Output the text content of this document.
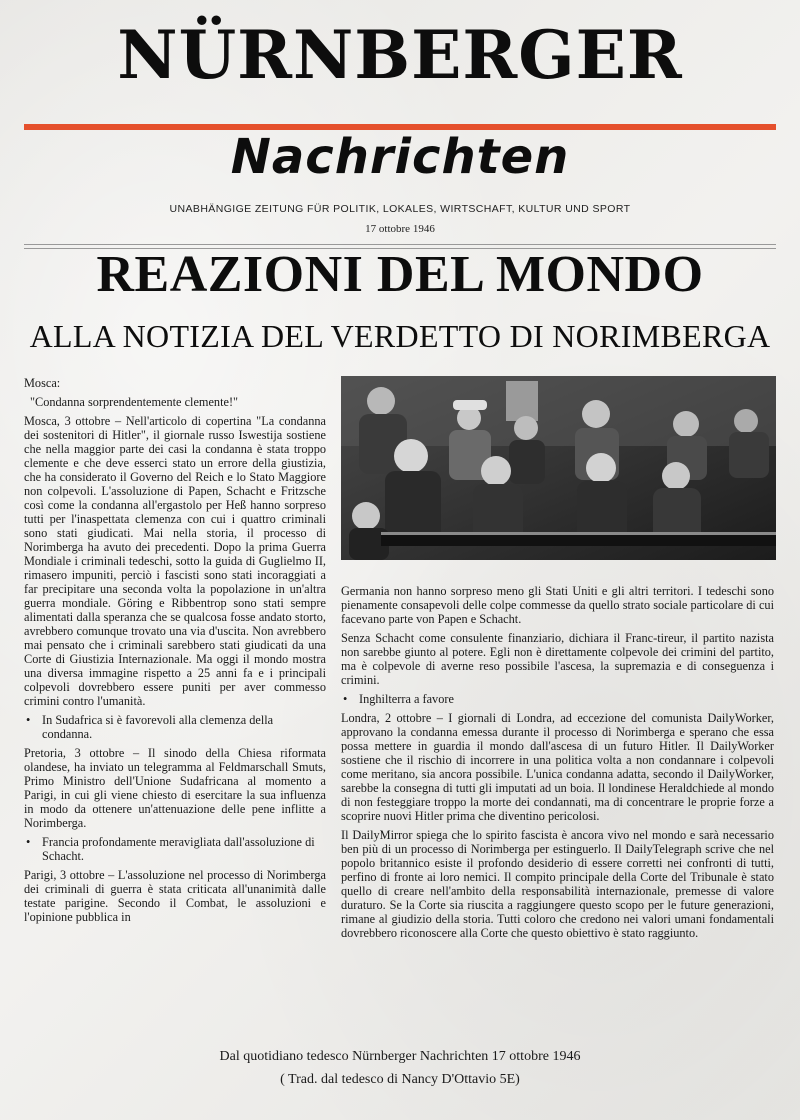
NÜRNBERGER
Nachrichten
UNABHÄNGIGE ZEITUNG FÜR POLITIK, LOKALES, WIRTSCHAFT, KULTUR UND SPORT
17 ottobre 1946
REAZIONI DEL MONDO
ALLA NOTIZIA DEL VERDETTO DI NORIMBERGA

Mosca:

"Condanna sorprendentemente clemente!"

Mosca, 3 ottobre – Nell'articolo di copertina "La condanna dei sostenitori di Hitler", il giornale russo Iswestija sostiene che nella maggior parte dei casi la condanna è stata troppo clemente e che deve esserci stato un errore della giustizia, che ha considerato il Governo del Reich e lo Stato Maggiore non colpevoli. L'assoluzione di Papen, Schacht e Fritzsche così come la condanna all'ergastolo per Heß hanno sorpreso tutti per l'inaspettata clemenza con cui i quattro criminali sono stati giudicati. Mai nella storia, il processo di Norimberga ha avuto dei precedenti. Dopo la prima Guerra Mondiale i criminali tedeschi, sotto la guida di Guglielmo II, rimasero impuniti, perciò i fascisti sono stati incoraggiati a far precipitare una seconda volta la popolazione in un'altra guerra mondiale. Göring e Ribbentrop sono stati sempre alimentati dalla speranza che se qualcosa fosse andato storto, avrebbero comunque trovato una via d'uscita. Non avrebbero mai pensato che i criminali sarebbero stati giudicati da una Corte di Giustizia Internazionale. Ma oggi il mondo mostra una diversa immagine rispetto a 25 anni fa e i principali colpevoli dovrebbero essere puniti per aver commesso crimini contro l'umanità.

• In Sudafrica si è favorevoli alla clemenza della condanna.

Pretoria, 3 ottobre – Il sinodo della Chiesa riformata olandese, ha inviato un telegramma al Feldmarschall Smuts, Primo Ministro dell'Unione Sudafricana al momento a Parigi, in cui gli viene chiesto di esercitare la sua influenza in modo da ottenere un'attenuazione delle pene inflitte a Norimberga.

• Francia profondamente meravigliata dall'assoluzione di Schacht.

Parigi, 3 ottobre – L'assoluzione nel processo di Norimberga dei criminali di guerra è stata criticata all'unanimità dalle testate parigine. Secondo il Combat, le assoluzioni e l'opinione pubblica in

Germania non hanno sorpreso meno gli Stati Uniti e gli altri territori. I tedeschi sono pienamente consapevoli delle colpe commesse da quello strato sociale particolare di cui facevano parte von Papen e Schacht.

Senza Schacht come consulente finanziario, dichiara il Franc-tireur, il partito nazista non sarebbe giunto al potere. Egli non è direttamente colpevole dei crimini del partito, ma è colpevole di averne reso possibile l'ascesa, la supremazia e di conseguenza i crimini.

• Inghilterra a favore

Londra, 2 ottobre – I giornali di Londra, ad eccezione del comunista DailyWorker, approvano la condanna emessa durante il processo di Norimberga e sperano che essa possa mettere in guardia il mondo dall'ascesa di un futuro Hitler. Il DailyWorker sostiene che il rischio di incorrere in una politica volta a non condannare i colpevoli come meritano, sia ancora possibile. L'unica condanna adatta, secondo il DailyWorker, sarebbe la consegna di tutti gli imputati ad un boia. Il londinese Heraldchiede al mondo di non festeggiare troppo la morte dei condannati, ma di concentrare le proprie forze a scoprire nuovi Hitler prima che diventino pericolosi.

Il DailyMirror spiega che lo spirito fascista è ancora vivo nel mondo e sarà necessario ben più di un processo di Norimberga per estinguerlo. Il DailyTelegraph scrive che nel popolo britannico esiste il profondo desiderio di essere corretti nei confronti di tutti, perfino di fronte ai loro nemici. Il compito principale della Corte del Tribunale è stato quello di creare nell'ambito della responsabilità internazionale, premesse di valore duraturo. Se la Corte sia riuscita a raggiungere questo scopo per le future generazioni, rimane al giudizio della storia. Tutti coloro che credono nei valori umani fondamentali dovrebbero riconoscere alla Corte che questo obiettivo è stato raggiunto.

Dal quotidiano tedesco Nürnberger Nachrichten 17 ottobre 1946
( Trad. dal tedesco di Nancy D'Ottavio 5E)
